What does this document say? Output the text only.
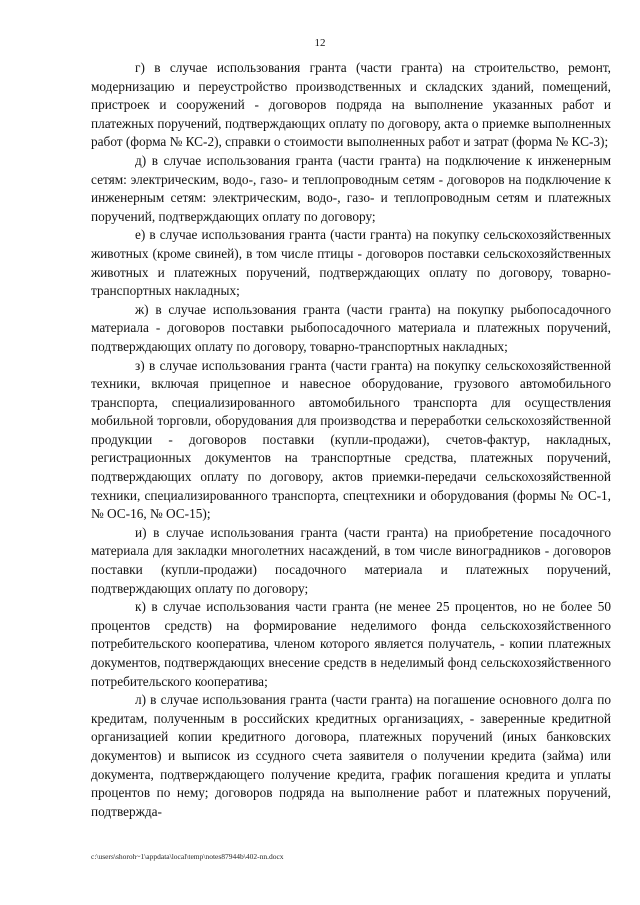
12

г) в случае использования гранта (части гранта) на строительство, ремонт, модернизацию и переустройство производственных и складских зданий, помещений, пристроек и сооружений - договоров подряда на выполнение указанных работ и платежных поручений, подтверждающих оплату по договору, акта о приемке выполненных работ (форма № КС-2), справки о стоимости выполненных работ и затрат (форма № КС-3);

д) в случае использования гранта (части гранта) на подключение к инженерным сетям: электрическим, водо-, газо- и теплопроводным сетям - договоров на подключение к инженерным сетям: электрическим, водо-, газо- и теплопроводным сетям и платежных поручений, подтверждающих оплату по договору;

е) в случае использования гранта (части гранта) на покупку сельскохозяйственных животных (кроме свиней), в том числе птицы - договоров поставки сельскохозяйственных животных и платежных поручений, подтверждающих оплату по договору, товарно-транспортных накладных;

ж) в случае использования гранта (части гранта) на покупку рыбопосадочного материала - договоров поставки рыбопосадочного материала и платежных поручений, подтверждающих оплату по договору, товарно-транспортных накладных;

з) в случае использования гранта (части гранта) на покупку сельскохозяйственной техники, включая прицепное и навесное оборудование, грузового автомобильного транспорта, специализированного автомобильного транспорта для осуществления мобильной торговли, оборудования для производства и переработки сельскохозяйственной продукции - договоров поставки (купли-продажи), счетов-фактур, накладных, регистрационных документов на транспортные средства, платежных поручений, подтверждающих оплату по договору, актов приемки-передачи сельскохозяйственной техники, специализированного транспорта, спецтехники и оборудования (формы № ОС-1, № ОС-16, № ОС-15);

и) в случае использования гранта (части гранта) на приобретение посадочного материала для закладки многолетних насаждений, в том числе виноградников - договоров поставки (купли-продажи) посадочного материала и платежных поручений, подтверждающих оплату по договору;

к) в случае использования части гранта (не менее 25 процентов, но не более 50 процентов средств) на формирование неделимого фонда сельскохозяйственного потребительского кооператива, членом которого является получатель, - копии платежных документов, подтверждающих внесение средств в неделимый фонд сельскохозяйственного потребительского кооператива;

л) в случае использования гранта (части гранта) на погашение основного долга по кредитам, полученным в российских кредитных организациях, - заверенные кредитной организацией копии кредитного договора, платежных поручений (иных банковских документов) и выписок из ссудного счета заявителя о получении кредита (займа) или документа, подтверждающего получение кредита, график погашения кредита и уплаты процентов по нему; договоров подряда на выполнение работ и платежных поручений, подтвержда-

c:\users\shoroh~1\appdata\local\temp\notes87944b\402-nn.docx
